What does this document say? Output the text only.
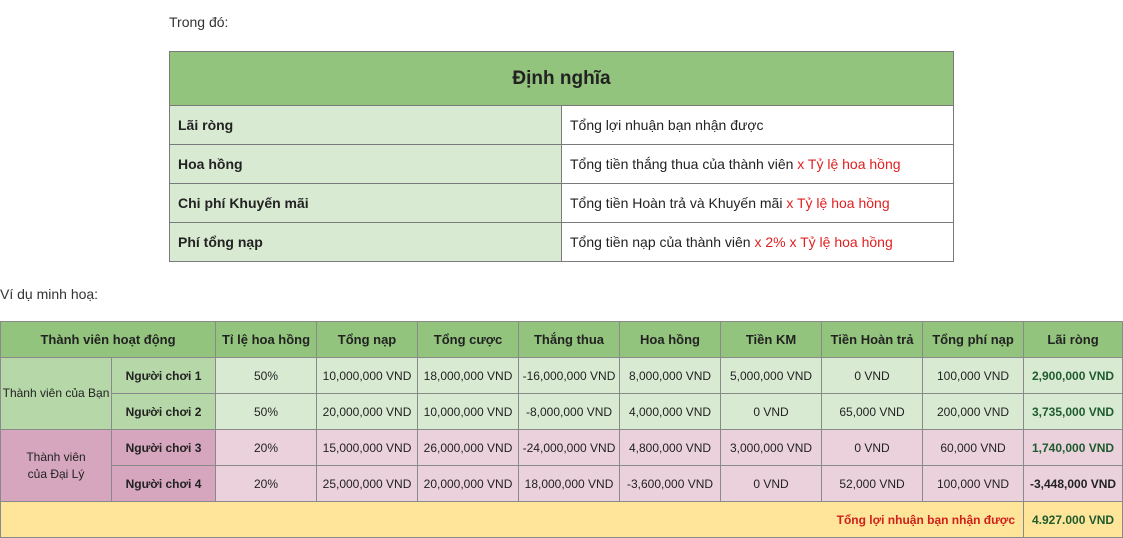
Trong đó:
Định nghĩa	
Lãi ròng	Tổng lợi nhuận bạn nhận được
Hoa hồng	Tổng tiền thắng thua của thành viên x Tỷ lệ hoa hồng
Chi phí Khuyến mãi	Tổng tiền Hoàn trả và Khuyến mãi x Tỷ lệ hoa hồng
Phí tổng nạp	Tổng tiền nạp của thành viên x 2% x Tỷ lệ hoa hồng
Ví dụ minh hoạ:
Thành viên hoạt động		Tỉ lệ hoa hồng	Tổng nạp	Tổng cược	Thắng thua	Hoa hồng	Tiền KM	Tiền Hoàn trả	Tổng phí nạp	Lãi ròng
Thành viên của Bạn	Người chơi 1	50%	10,000,000 VND	18,000,000 VND	-16,000,000 VND	8,000,000 VND	5,000,000 VND	0 VND	100,000 VND	2,900,000 VND
	Người chơi 2	50%	20,000,000 VND	10,000,000 VND	-8,000,000 VND	4,000,000 VND	0 VND	65,000 VND	200,000 VND	3,735,000 VND

Thành viên của Đại Lý	Người chơi 3	20%	15,000,000 VND	26,000,000 VND	-24,000,000 VND	4,800,000 VND	3,000,000 VND	0 VND	60,000 VND	1,740,000 VND
	Người chơi 4	20%	25,000,000 VND	20,000,000 VND	18,000,000 VND	-3,600,000 VND	0 VND	52,000 VND	100,000 VND	-3,448,000 VND
Tổng lợi nhuận bạn nhận được										4.927.000 VND
